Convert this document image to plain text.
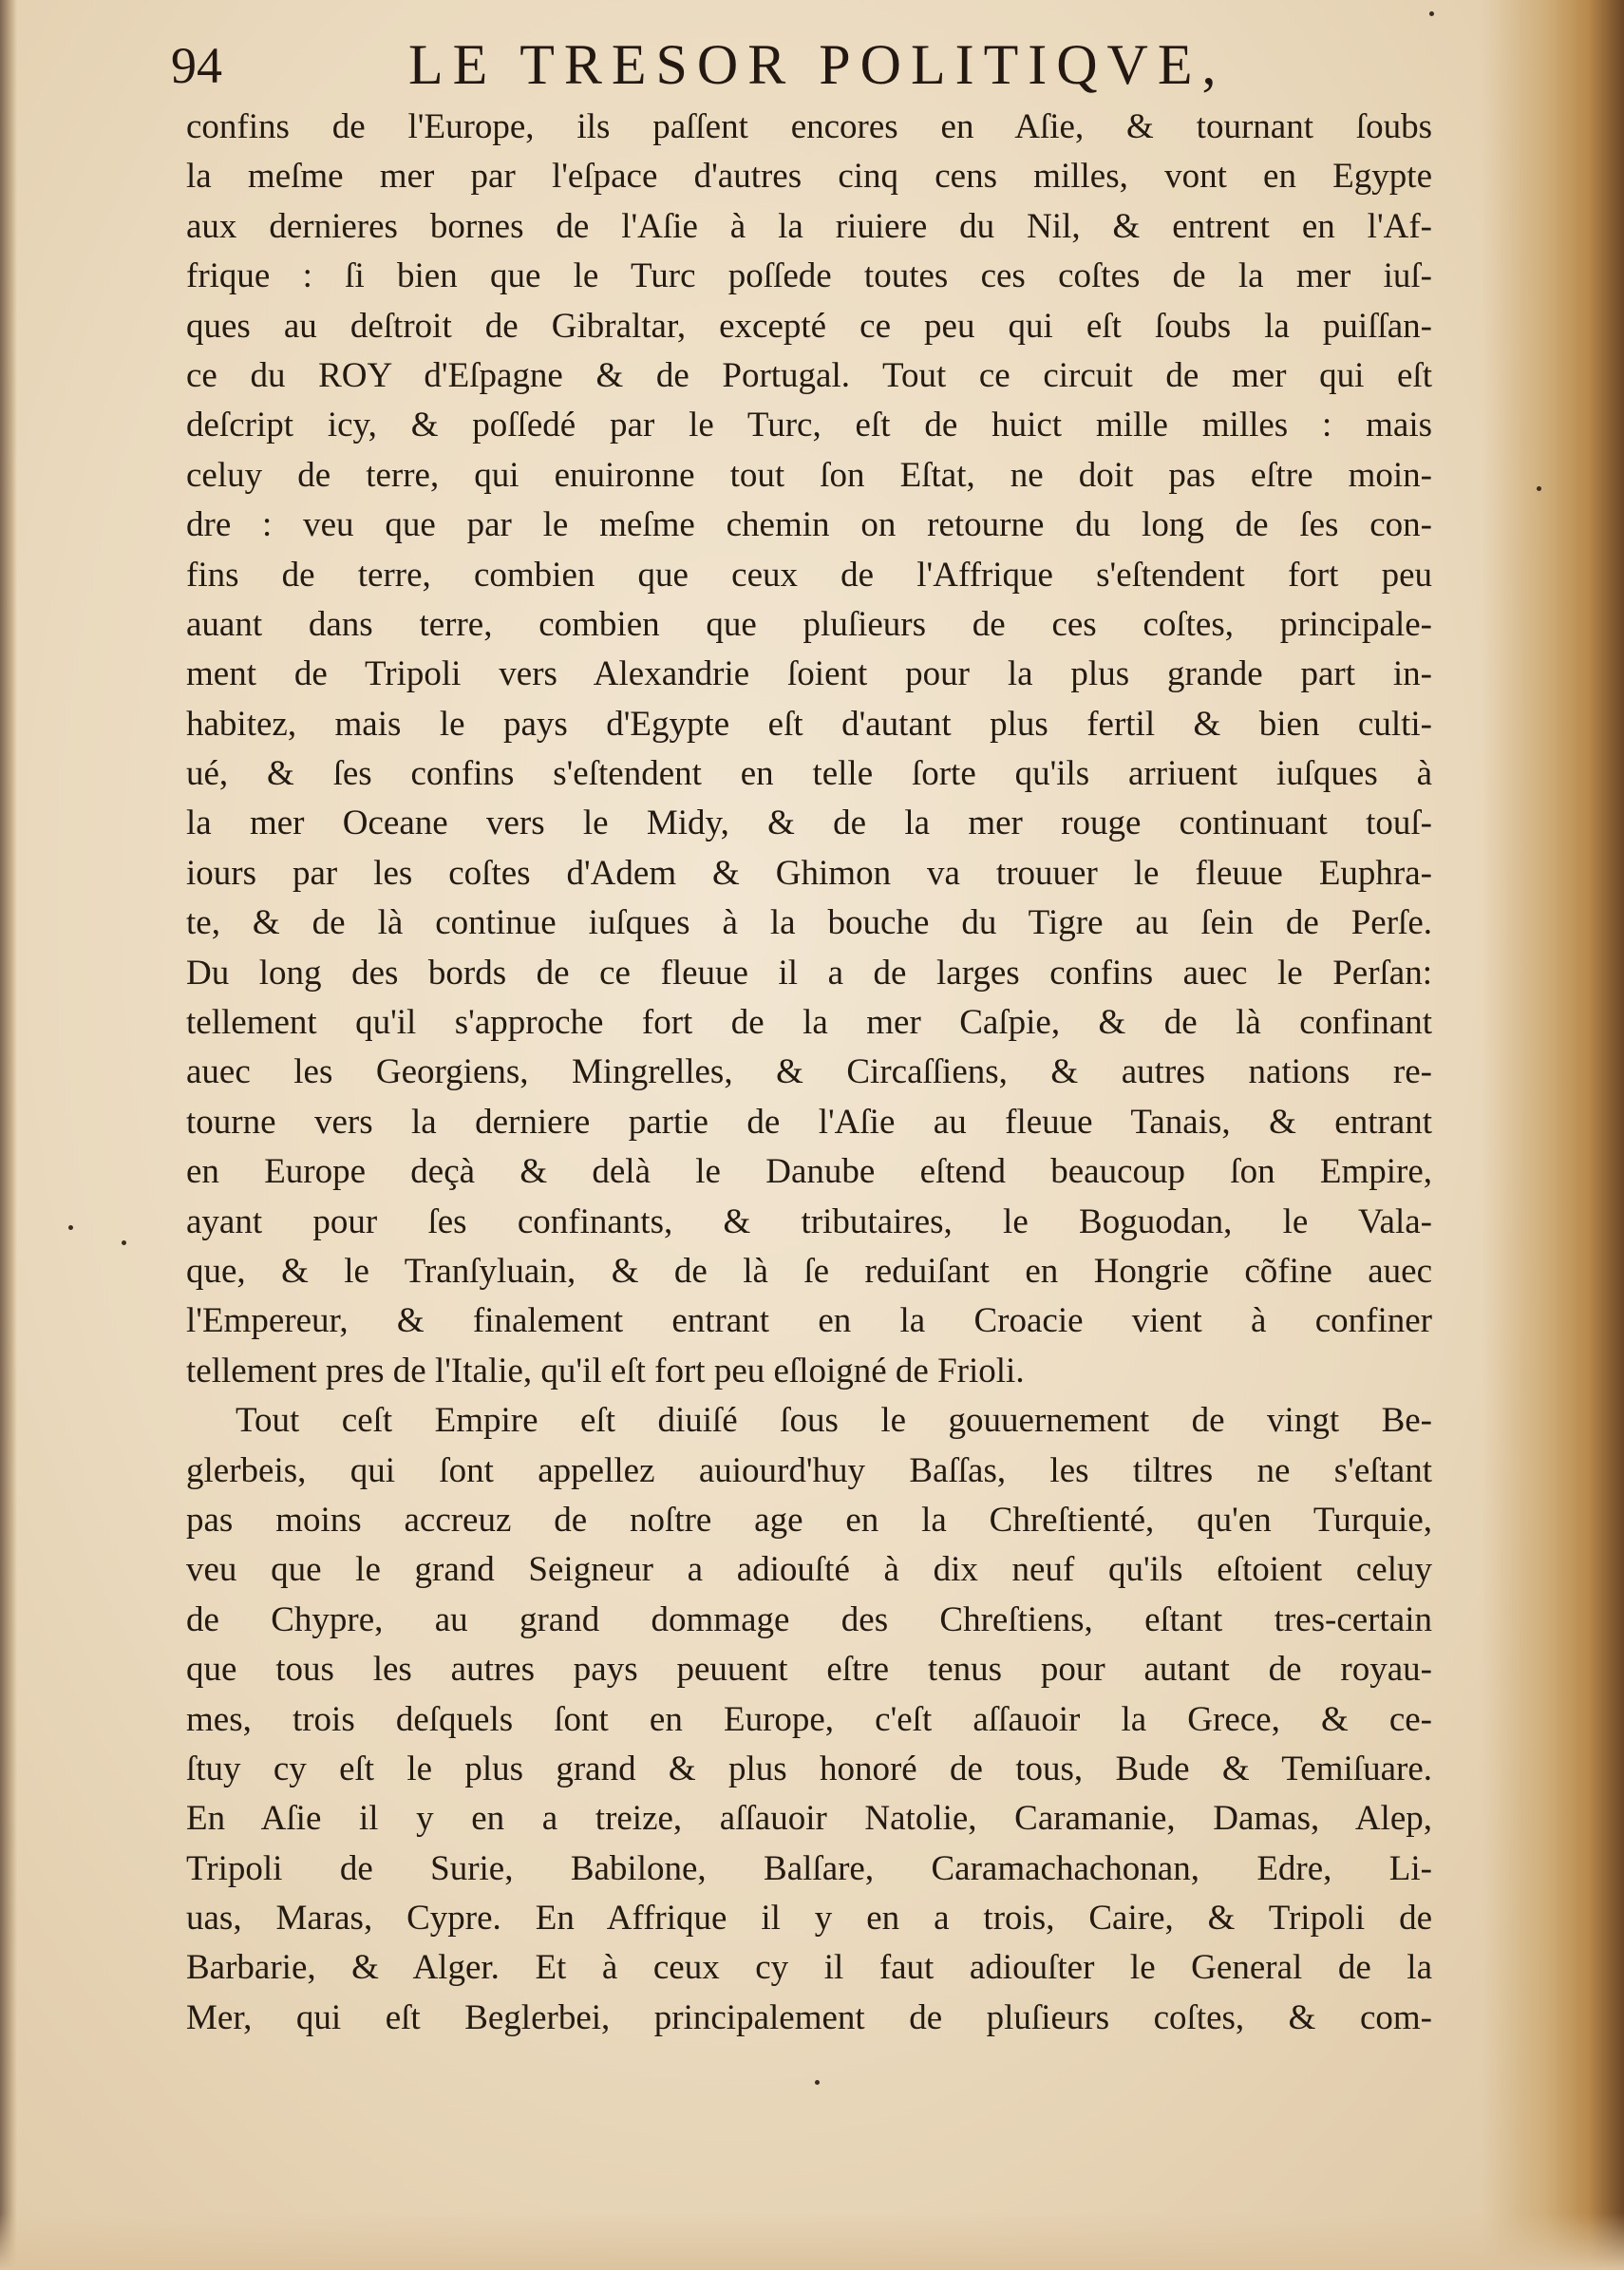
94	LE TRESOR POLITIQVE,
confins de l'Europe, ils paſſent encores en Aſie, & tournant ſoubs
la meſme mer par l'eſpace d'autres cinq cens milles, vont en Egypte
aux dernieres bornes de l'Aſie à la riuiere du Nil, & entrent en l'Af-
frique : ſi bien que le Turc poſſede toutes ces coſtes de la mer iuſ-
ques au deſtroit de Gibraltar, excepté ce peu qui eſt ſoubs la puiſſan-
ce du ROY d'Eſpagne & de Portugal. Tout ce circuit de mer qui eſt
deſcript icy, & poſſedé par le Turc, eſt de huict mille milles : mais
celuy de terre, qui enuironne tout ſon Eſtat, ne doit pas eſtre moin-
dre : veu que par le meſme chemin on retourne du long de ſes con-
fins de terre, combien que ceux de l'Affrique s'eſtendent fort peu
auant dans terre, combien que pluſieurs de ces coſtes, principale-
ment de Tripoli vers Alexandrie ſoient pour la plus grande part in-
habitez, mais le pays d'Egypte eſt d'autant plus fertil & bien culti-
ué, & ſes confins s'eſtendent en telle ſorte qu'ils arriuent iuſques à
la mer Oceane vers le Midy, & de la mer rouge continuant touſ-
iours par les coſtes d'Adem & Ghimon va trouuer le fleuue Euphra-
te, & de là continue iuſques à la bouche du Tigre au ſein de Perſe.
Du long des bords de ce fleuue il a de larges confins auec le Perſan:
tellement qu'il s'approche fort de la mer Caſpie, & de là confinant
auec les Georgiens, Mingrelles, & Circaſſiens, & autres nations re-
tourne vers la derniere partie de l'Aſie au fleuue Tanais, & entrant
en Europe deçà & delà le Danube eſtend beaucoup ſon Empire,
ayant pour ſes confinants, & tributaires, le Boguodan, le Vala-
que, & le Tranſyluain, & de là ſe reduiſant en Hongrie cõfine auec
l'Empereur, & finalement entrant en la Croacie vient à confiner
tellement pres de l'Italie, qu'il eſt fort peu eſloigné de Frioli.
Tout ceſt Empire eſt diuiſé ſous le gouuernement de vingt Be-
glerbeis, qui ſont appellez auiourd'huy Baſſas, les tiltres ne s'eſtant
pas moins accreuz de noſtre age en la Chreſtienté, qu'en Turquie,
veu que le grand Seigneur a adiouſté à dix neuf qu'ils eſtoient celuy
de Chypre, au grand dommage des Chreſtiens, eſtant tres-certain
que tous les autres pays peuuent eſtre tenus pour autant de royau-
mes, trois deſquels ſont en Europe, c'eſt aſſauoir la Grece, & ce-
ſtuy cy eſt le plus grand & plus honoré de tous, Bude & Temiſuare.
En Aſie il y en a treize, aſſauoir Natolie, Caramanie, Damas, Alep,
Tripoli de Surie, Babilone, Balſare, Caramachachonan, Edre, Li-
uas, Maras, Cypre. En Affrique il y en a trois, Caire, & Tripoli de
Barbarie, & Alger. Et à ceux cy il faut adiouſter le General de la
Mer, qui eſt Beglerbei, principalement de pluſieurs coſtes, & com-
